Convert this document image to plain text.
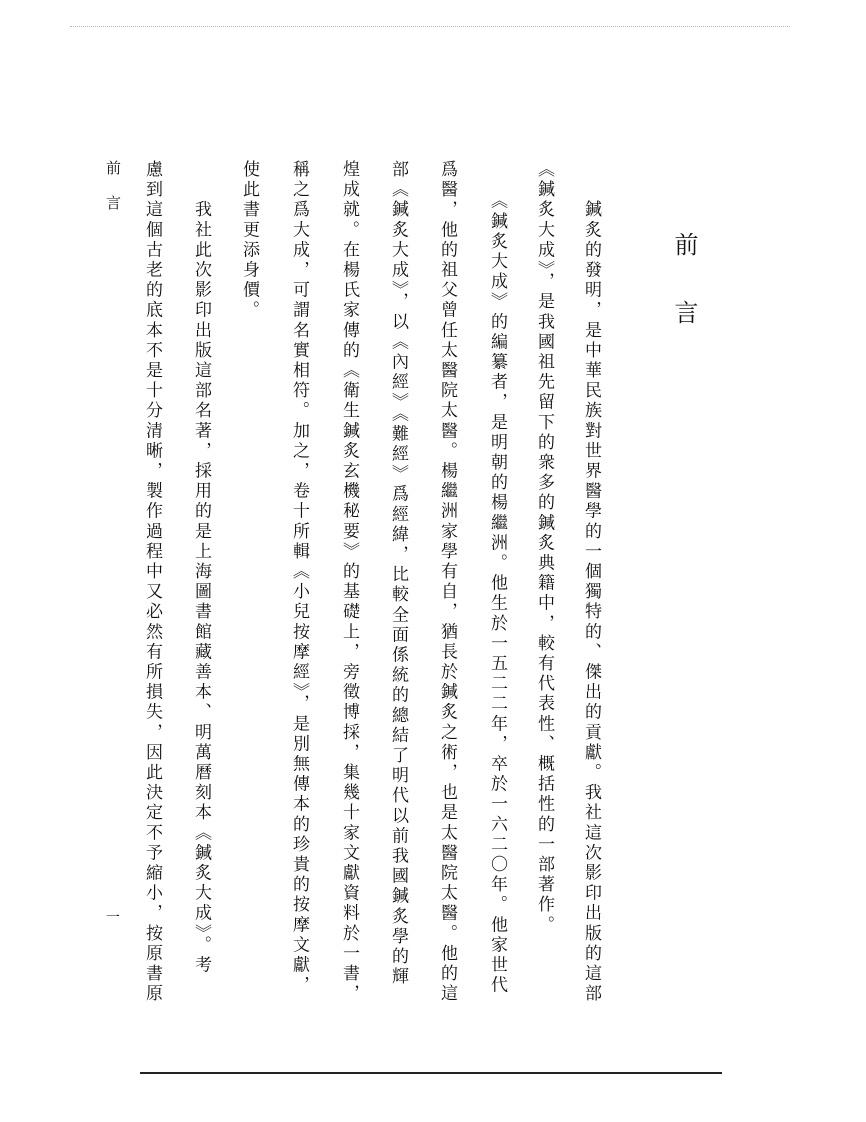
前言
　　鍼炙的發明，是中華民族對世界醫學的一個獨特的、傑出的貢獻。我社這次影印出版的這部
《鍼炙大成》，是我國祖先留下的衆多的鍼炙典籍中，較有代表性、概括性的一部著作。
　　《鍼炙大成》的編纂者，是明朝的楊繼洲。他生於一五二二年，卒於一六二〇年。他家世代
爲醫，他的祖父曾任太醫院太醫。楊繼洲家學有自，猶長於鍼炙之術，也是太醫院太醫。他的這
部《鍼炙大成》，以《內經》《難經》爲經緯，比較全面係統的總結了明代以前我國鍼炙學的輝
煌成就。在楊氏家傳的《衛生鍼炙玄機秘要》的基礎上，旁徵博採，集幾十家文獻資料於一書，
稱之爲大成，可謂名實相符。加之，卷十所輯《小兒按摩經》，是別無傳本的珍貴的按摩文獻，
使此書更添身價。
　　我社此次影印出版這部名著，採用的是上海圖書館藏善本、明萬曆刻本《鍼炙大成》。考
慮到這個古老的底本不是十分清晰，製作過程中又必然有所損失，因此決定不予縮小，按原書原
前言
一
